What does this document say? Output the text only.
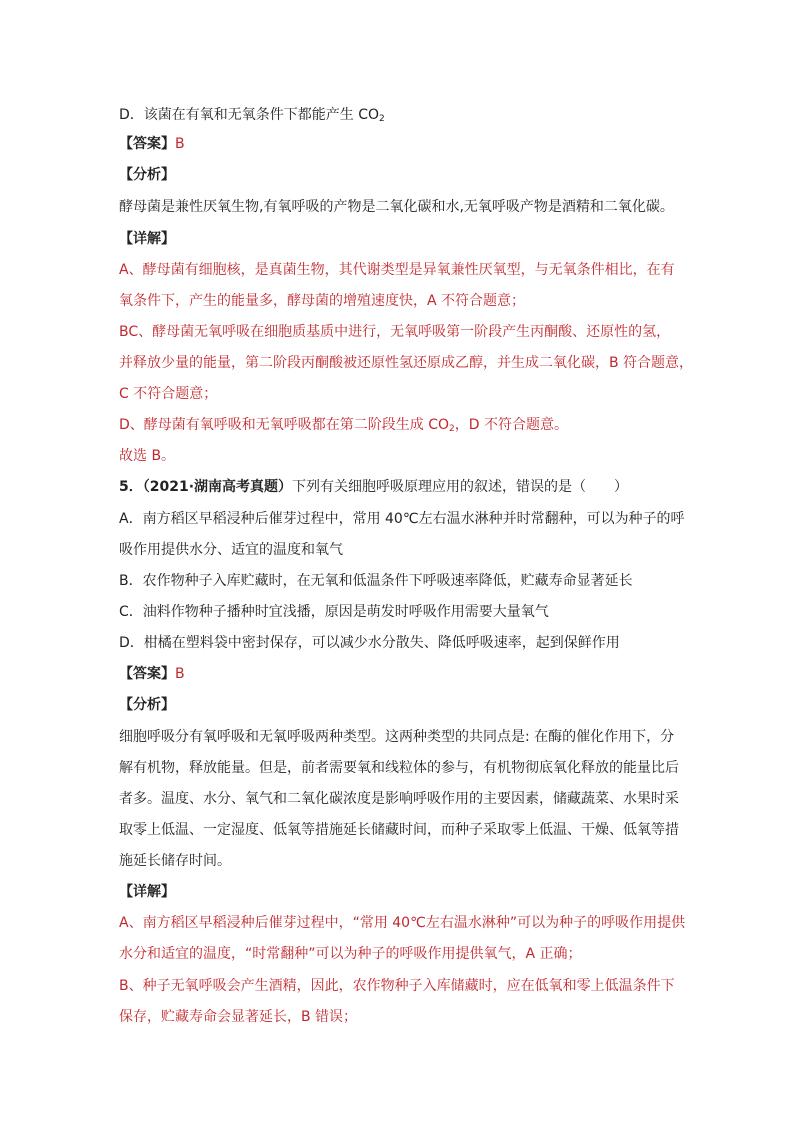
D．该菌在有氧和无氧条件下都能产生 $CO_2$
【答案】B
【分析】
酵母菌是兼性厌氧生物,有氧呼吸的产物是二氧化碳和水,无氧呼吸产物是酒精和二氧化碳。
【详解】
A、酵母菌有细胞核，是真菌生物，其代谢类型是异氧兼性厌氧型，与无氧条件相比，在有
氧条件下，产生的能量多，酵母菌的增殖速度快，A 不符合题意；
BC、酵母菌无氧呼吸在细胞质基质中进行，无氧呼吸第一阶段产生丙酮酸、还原性的氢，
并释放少量的能量，第二阶段丙酮酸被还原性氢还原成乙醇，并生成二氧化碳，B 符合题意，
C 不符合题意；
D、酵母菌有氧呼吸和无氧呼吸都在第二阶段生成 $CO_2$，D 不符合题意。
故选 B。
5．（2021·湖南高考真题）下列有关细胞呼吸原理应用的叙述，错误的是（　　）
A．南方稻区早稻浸种后催芽过程中，常用 40℃左右温水淋种并时常翻种，可以为种子的呼
吸作用提供水分、适宜的温度和氧气
B．农作物种子入库贮藏时，在无氧和低温条件下呼吸速率降低，贮藏寿命显著延长
C．油料作物种子播种时宜浅播，原因是萌发时呼吸作用需要大量氧气
D．柑橘在塑料袋中密封保存，可以减少水分散失、降低呼吸速率，起到保鲜作用
【答案】B
【分析】
细胞呼吸分有氧呼吸和无氧呼吸两种类型。这两种类型的共同点是: 在酶的催化作用下，分
解有机物，释放能量。但是，前者需要氧和线粒体的参与，有机物彻底氧化释放的能量比后
者多。温度、水分、氧气和二氧化碳浓度是影响呼吸作用的主要因素，储藏蔬菜、水果时采
取零上低温、一定湿度、低氧等措施延长储藏时间，而种子采取零上低温、干燥、低氧等措
施延长储存时间。
【详解】
A、南方稻区早稻浸种后催芽过程中，“常用 40℃左右温水淋种”可以为种子的呼吸作用提供
水分和适宜的温度，“时常翻种”可以为种子的呼吸作用提供氧气，A 正确；
B、种子无氧呼吸会产生酒精，因此，农作物种子入库储藏时，应在低氧和零上低温条件下
保存，贮藏寿命会显著延长，B 错误；
